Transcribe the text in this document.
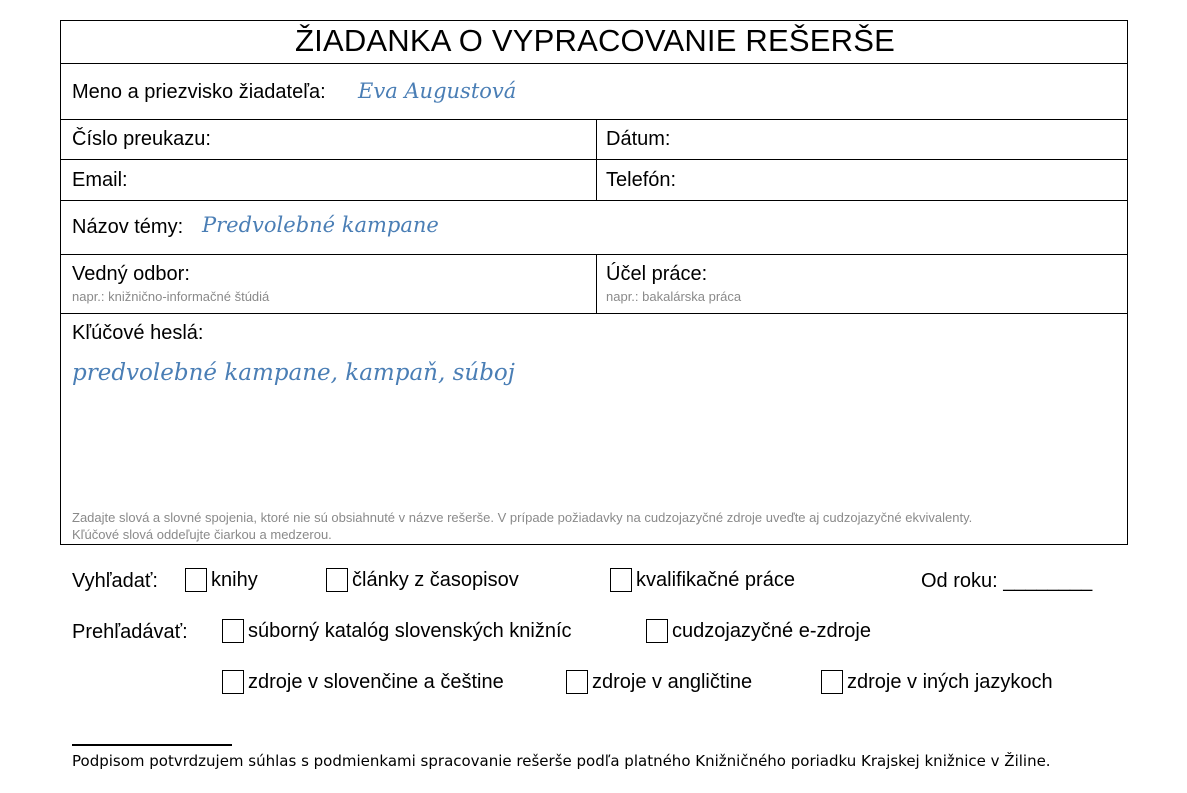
ŽIADANKA O VYPRACOVANIE REŠERŠE
Meno a priezvisko žiadateľa: Eva Augustová
Číslo preukazu:	Dátum:
Email:	Telefón:
Názov témy: Predvolebné kampane
Vedný odbor:
napr.: knižnično-informačné štúdiá
Účel práce:
napr.: bakalárska práca
Kľúčové heslá:
predvolebné kampane, kampaň, súboj
Zadajte slová a slovné spojenia, ktoré nie sú obsiahnuté v názve rešerše. V prípade požiadavky na cudzojazyčné zdroje uveďte aj cudzojazyčné ekvivalenty.
Kľúčové slová oddeľujte čiarkou a medzerou.
Vyhľadať:	knihy	články z časopisov	kvalifikačné práce	Od roku: ________
Prehľadávať:	súborný katalóg slovenských knižníc	cudzojazyčné e-zdroje
zdroje v slovenčine a češtine	zdroje v angličtine	zdroje v iných jazykoch
Podpisom potvrdzujem súhlas s podmienkami spracovanie rešerše podľa platného Knižničného poriadku Krajskej knižnice v Žiline.
